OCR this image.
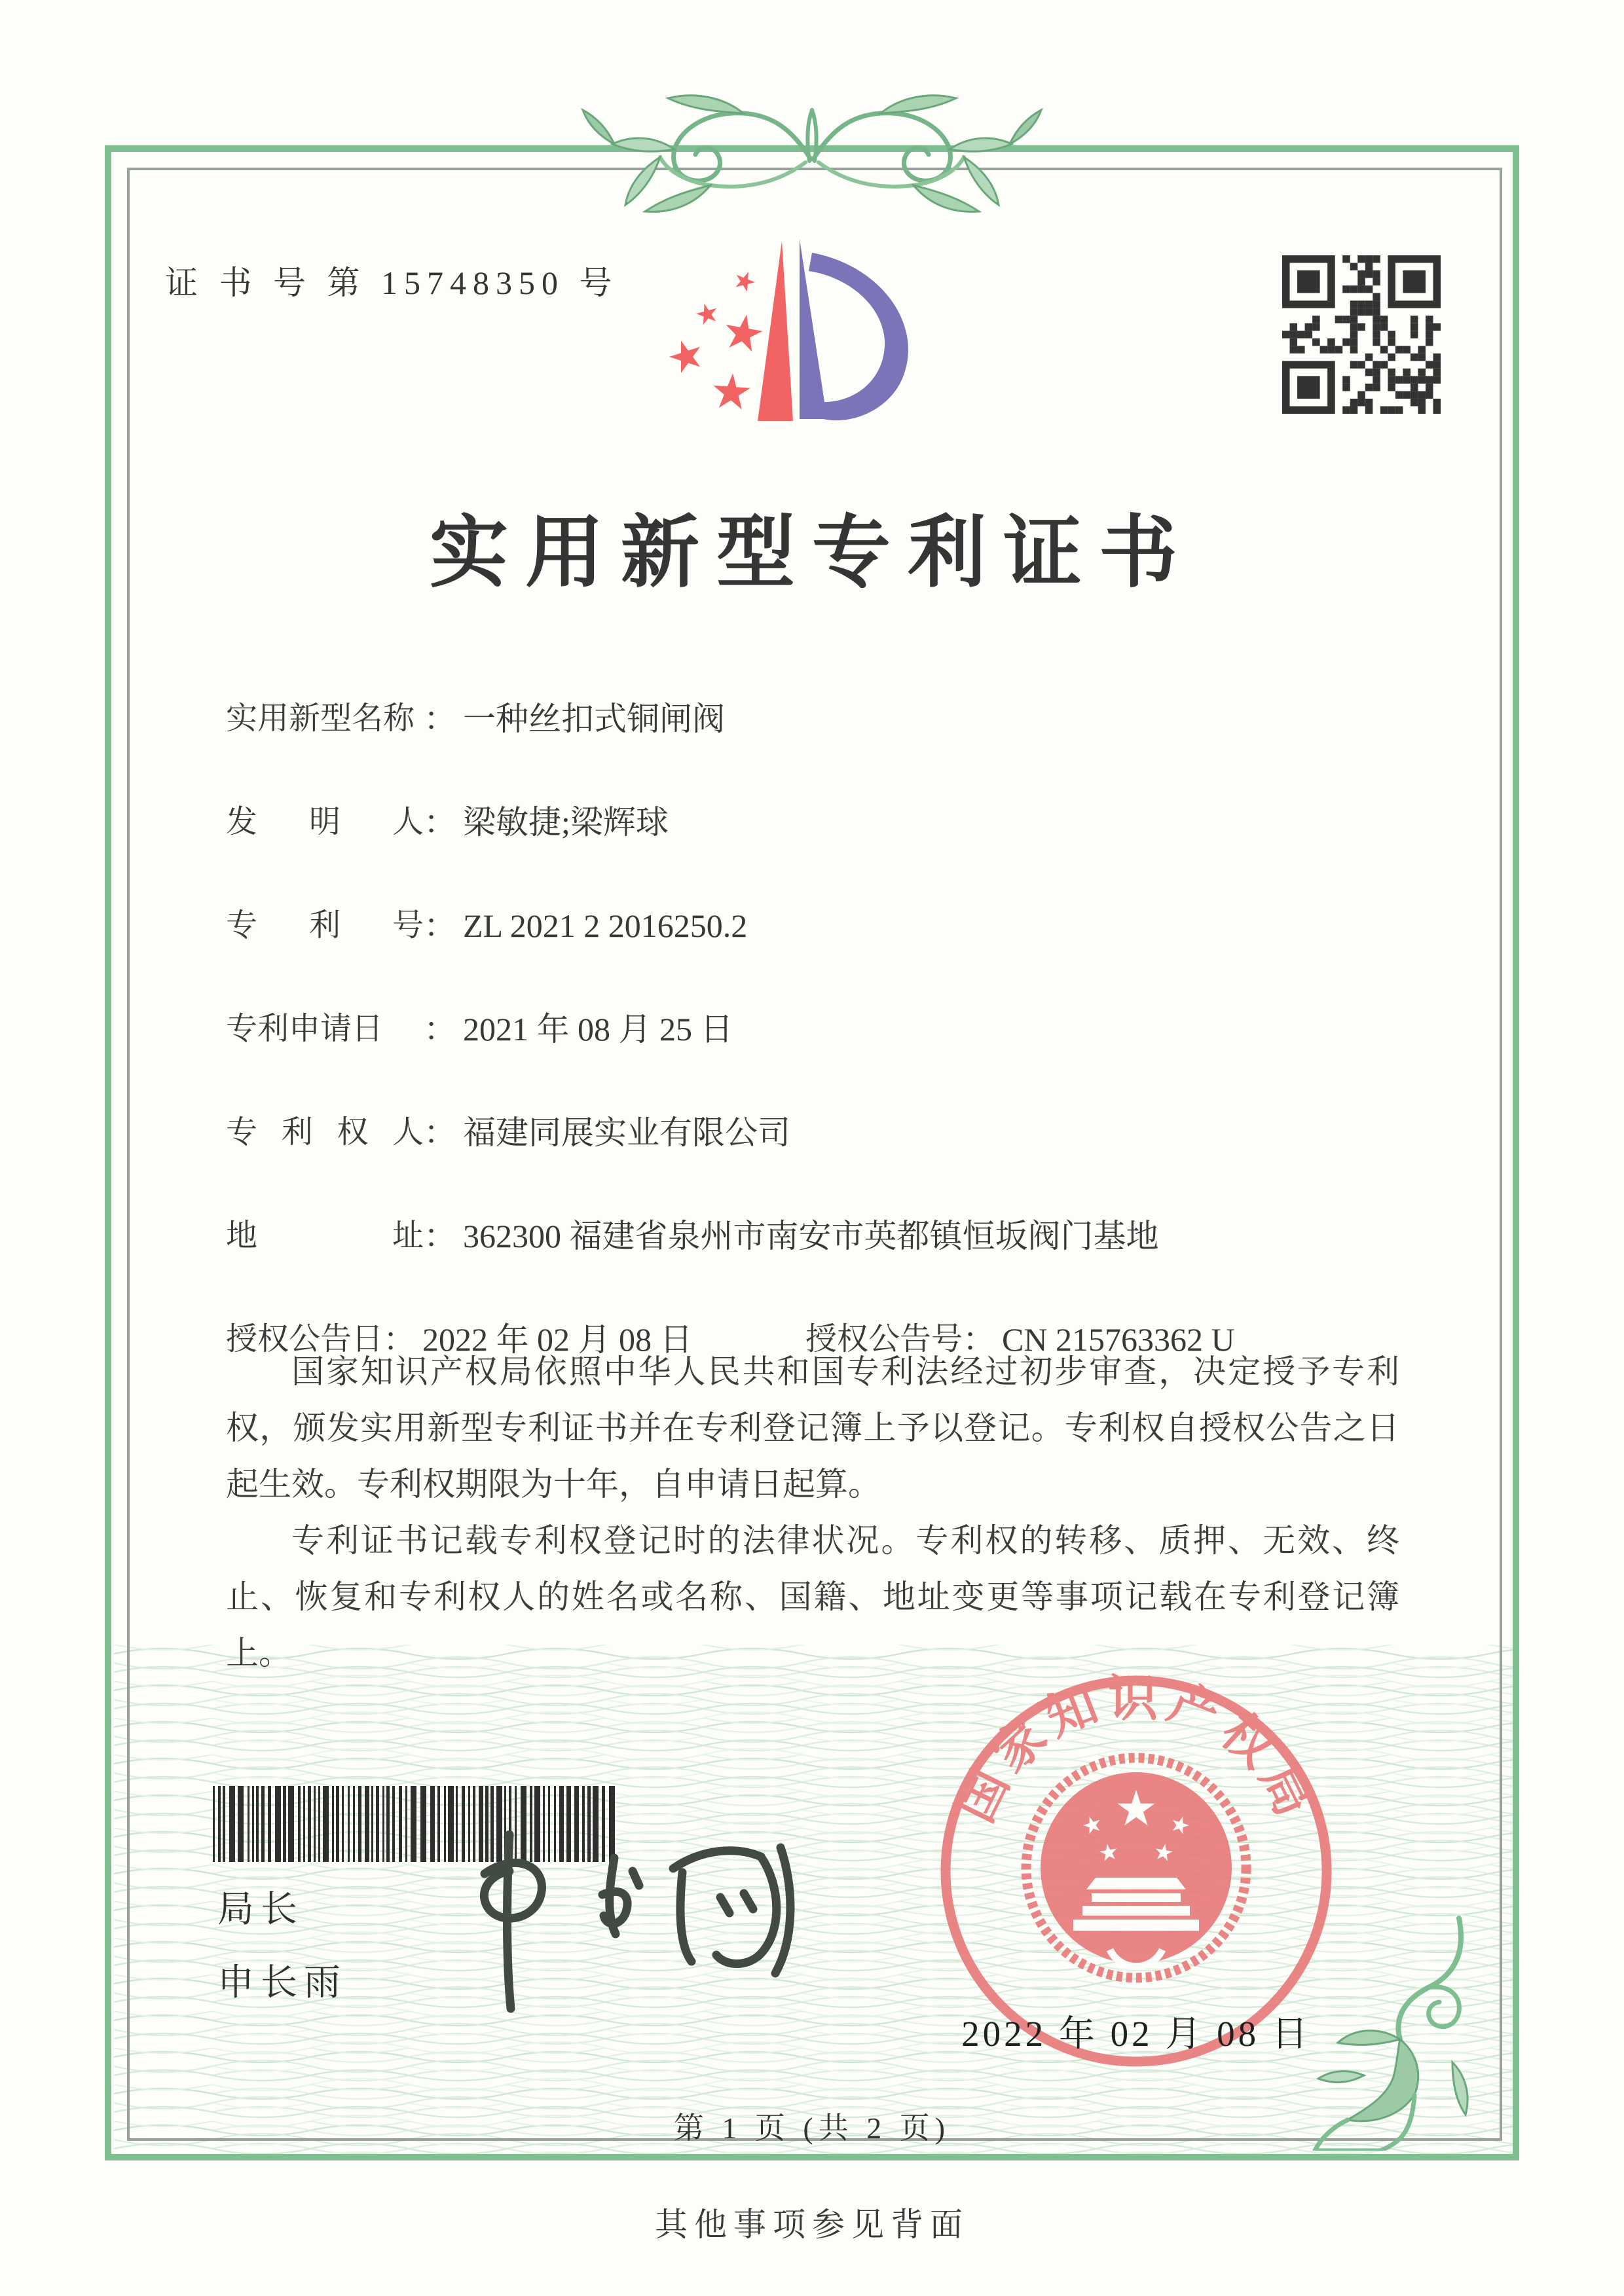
证 书 号 第 15748350 号
实用新型专利证书
实用新型名称 ： 一种丝扣式铜闸阀
发明人： 梁敏捷;梁辉球
专利号： ZL 2021 2 2016250.2
专利申请日 ： 2021 年 08 月 25 日
专利权人： 福建同展实业有限公司
地址： 362300 福建省泉州市南安市英都镇恒坂阀门基地
授权公告日： 2022 年 02 月 08 日	授权公告号： CN 215763362 U

国家知识产权局依照中华人民共和国专利法经过初步审查，决定授予专利权，颁发实用新型专利证书并在专利登记簿上予以登记。专利权自授权公告之日起生效。专利权期限为十年，自申请日起算。

专利证书记载专利权登记时的法律状况。专利权的转移、质押、无效、终止、恢复和专利权人的姓名或名称、国籍、地址变更等事项记载在专利登记簿上。

局长
申长雨
国家知识产权局
2022 年 02 月 08 日
第 1 页 (共 2 页)
其他事项参见背面
